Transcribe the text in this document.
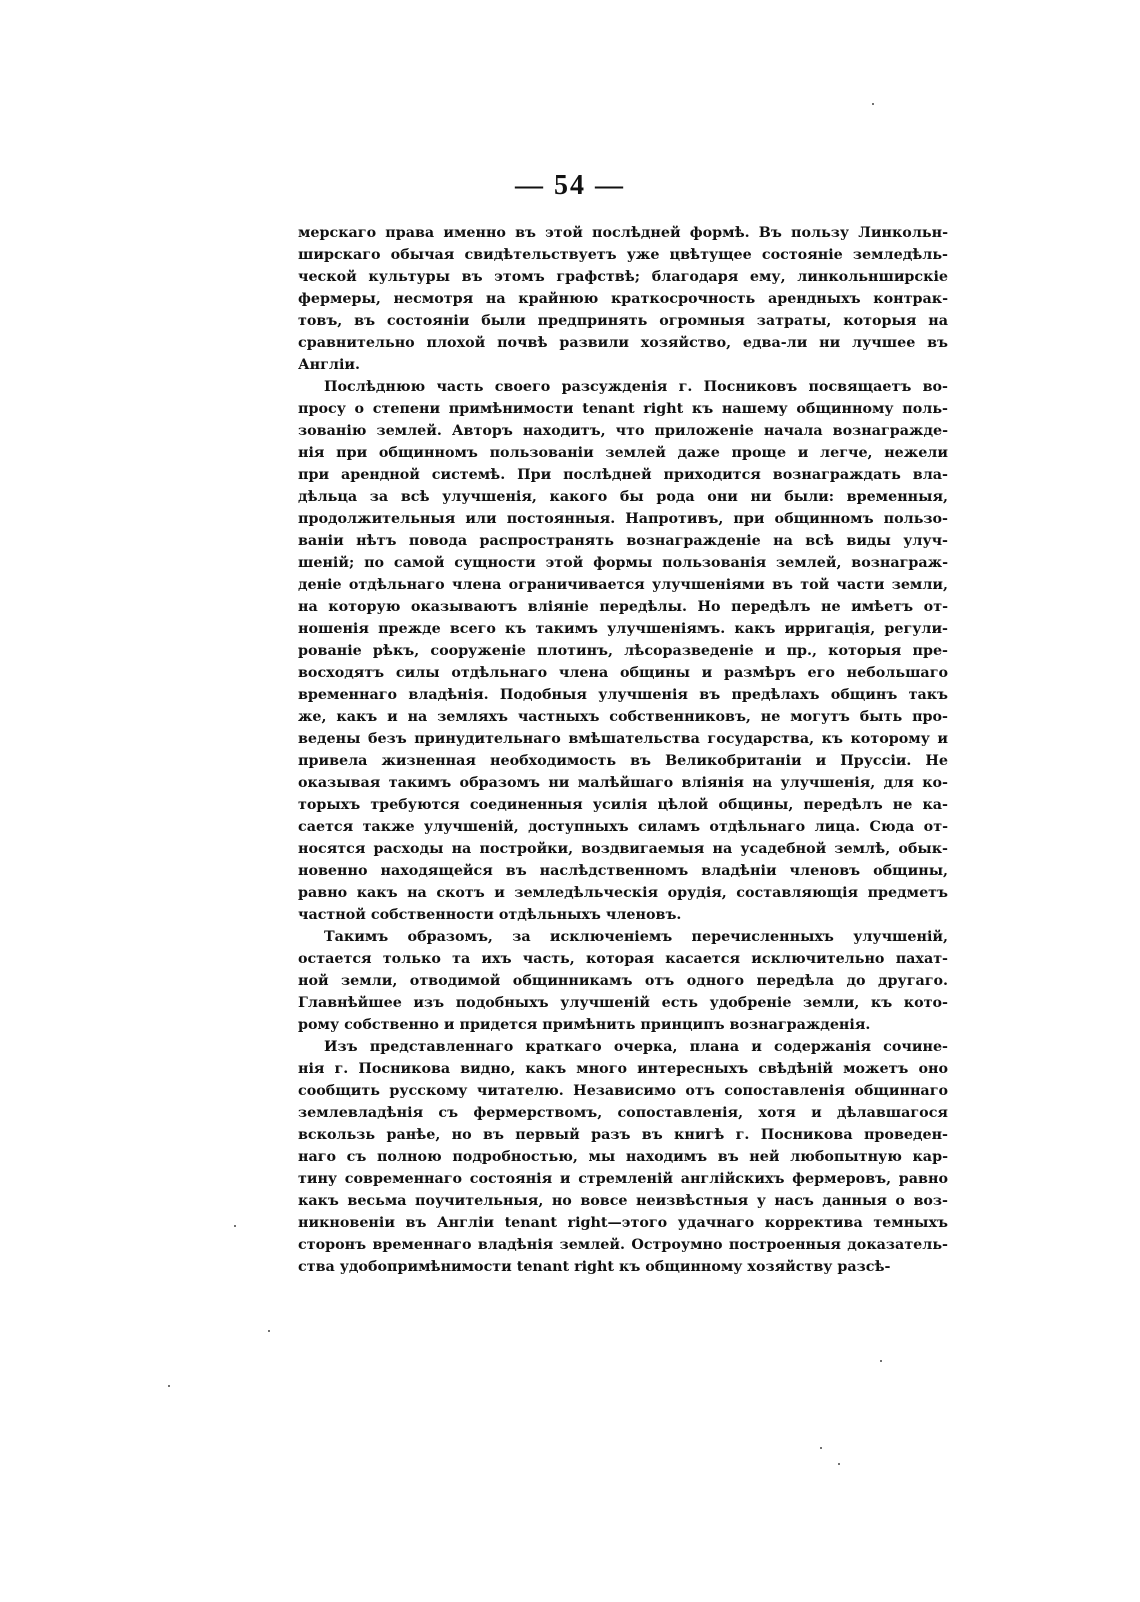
— 54 —
мерскаго права именно въ этой послѣдней формѣ. Въ пользу Линкольн-
ширскаго обычая свидѣтельствуетъ уже цвѣтущее состояніе земледѣль-
ческой культуры въ этомъ графствѣ; благодаря ему, линкольнширскіе
фермеры, несмотря на крайнюю краткосрочность арендныхъ контрак-
товъ, въ состояніи были предпринять огромныя затраты, которыя на
сравнительно плохой почвѣ развили хозяйство, едва-ли ни лучшее въ
Англіи.
Послѣднюю часть своего разсужденія г. Посниковъ посвящаетъ во-
просу о степени примѣнимости tenant right къ нашему общинному поль-
зованію землей. Авторъ находитъ, что приложеніе начала вознагражде-
нія при общинномъ пользованіи землей даже проще и легче, нежели
при арендной системѣ. При послѣдней приходится вознаграждать вла-
дѣльца за всѣ улучшенія, какого бы рода они ни были: временныя,
продолжительныя или постоянныя. Напротивъ, при общинномъ пользо-
ваніи нѣтъ повода распространять вознагражденіе на всѣ виды улуч-
шеній; по самой сущности этой формы пользованія землей, вознаграж-
деніе отдѣльнаго члена ограничивается улучшеніями въ той части земли,
на которую оказываютъ вліяніе передѣлы. Но передѣлъ не имѣетъ от-
ношенія прежде всего къ такимъ улучшеніямъ. какъ ирригація, регули-
рованіе рѣкъ, сооруженіе плотинъ, лѣсоразведеніе и пр., которыя пре-
восходятъ силы отдѣльнаго члена общины и размѣръ его небольшаго
временнаго владѣнія. Подобныя улучшенія въ предѣлахъ общинъ такъ
же, какъ и на земляхъ частныхъ собственниковъ, не могутъ быть про-
ведены безъ принудительнаго вмѣшательства государства, къ которому и
привела жизненная необходимость въ Великобританіи и Пруссіи. Не
оказывая такимъ образомъ ни малѣйшаго вліянія на улучшенія, для ко-
торыхъ требуются соединенныя усилія цѣлой общины, передѣлъ не ка-
сается также улучшеній, доступныхъ силамъ отдѣльнаго лица. Сюда от-
носятся расходы на постройки, воздвигаемыя на усадебной землѣ, обык-
новенно находящейся въ наслѣдственномъ владѣніи членовъ общины,
равно какъ на скотъ и земледѣльческія орудія, составляющія предметъ
частной собственности отдѣльныхъ членовъ.
Такимъ образомъ, за исключеніемъ перечисленныхъ улучшеній,
остается только та ихъ часть, которая касается исключительно пахат-
ной земли, отводимой общинникамъ отъ одного передѣла до другаго.
Главнѣйшее изъ подобныхъ улучшеній есть удобреніе земли, къ кото-
рому собственно и придется примѣнить принципъ вознагражденія.
Изъ представленнаго краткаго очерка, плана и содержанія сочине-
нія г. Посникова видно, какъ много интересныхъ свѣдѣній можетъ оно
сообщить русскому читателю. Независимо отъ сопоставленія общиннаго
землевладѣнія съ фермерствомъ, сопоставленія, хотя и дѣлавшагося
вскользь ранѣе, но въ первый разъ въ книгѣ г. Посникова проведен-
наго съ полною подробностью, мы находимъ въ ней любопытную кар-
тину современнаго состоянія и стремленій англійскихъ фермеровъ, равно
какъ весьма поучительныя, но вовсе неизвѣстныя у насъ данныя о воз-
никновеніи въ Англіи tenant right—этого удачнаго корректива темныхъ
сторонъ временнаго владѣнія землей. Остроумно построенныя доказатель-
ства удобопримѣнимости tenant right къ общинному хозяйству разсѣ-
